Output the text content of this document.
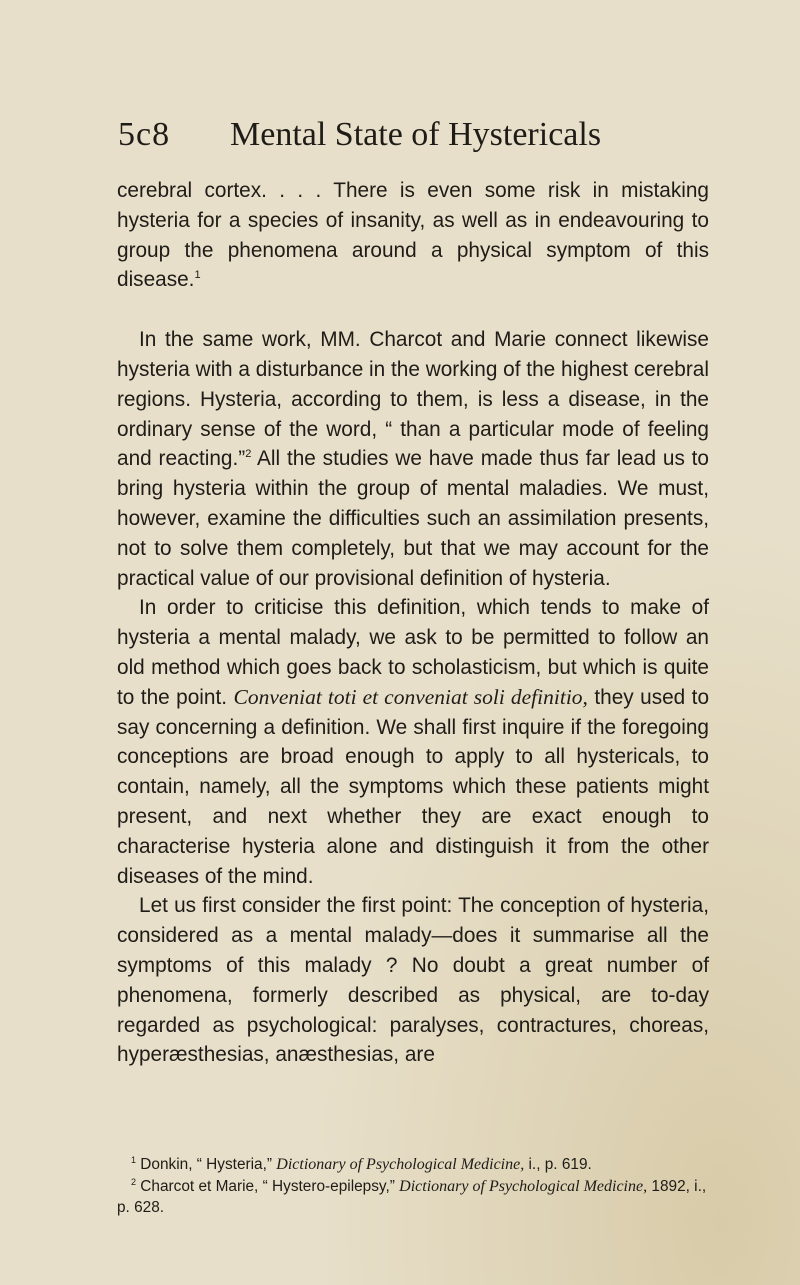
5c8 Mental State of Hystericals

cerebral cortex. . . . There is even some risk in mistaking hysteria for a species of insanity, as well as in endeavouring to group the phenomena around a physical symptom of this disease.$^1$

In the same work, MM. Charcot and Marie connect likewise hysteria with a disturbance in the working of the highest cerebral regions. Hysteria, according to them, is less a disease, in the ordinary sense of the word, “ than a particular mode of feeling and reacting.”$^2$ All the studies we have made thus far lead us to bring hysteria within the group of mental maladies. We must, however, examine the difficulties such an assimilation presents, not to solve them completely, but that we may account for the practical value of our provisional definition of hysteria.

In order to criticise this definition, which tends to make of hysteria a mental malady, we ask to be permitted to follow an old method which goes back to scholasticism, but which is quite to the point. Conveniat toti et conveniat soli definitio, they used to say concerning a definition. We shall first inquire if the foregoing conceptions are broad enough to apply to all hystericals, to contain, namely, all the symptoms which these patients might present, and next whether they are exact enough to characterise hysteria alone and distinguish it from the other diseases of the mind.

Let us first consider the first point: The conception of hysteria, considered as a mental malady—does it summarise all the symptoms of this malady ? No doubt a great number of phenomena, formerly described as physical, are to-day regarded as psychological: paralyses, contractures, choreas, hyperæsthesias, anæsthesias, are

$^1$ Donkin, “ Hysteria,” Dictionary of Psychological Medicine, i., p. 619.

$^2$ Charcot et Marie, “ Hystero-epilepsy,” Dictionary of Psychological Medicine, 1892, i., p. 628.
